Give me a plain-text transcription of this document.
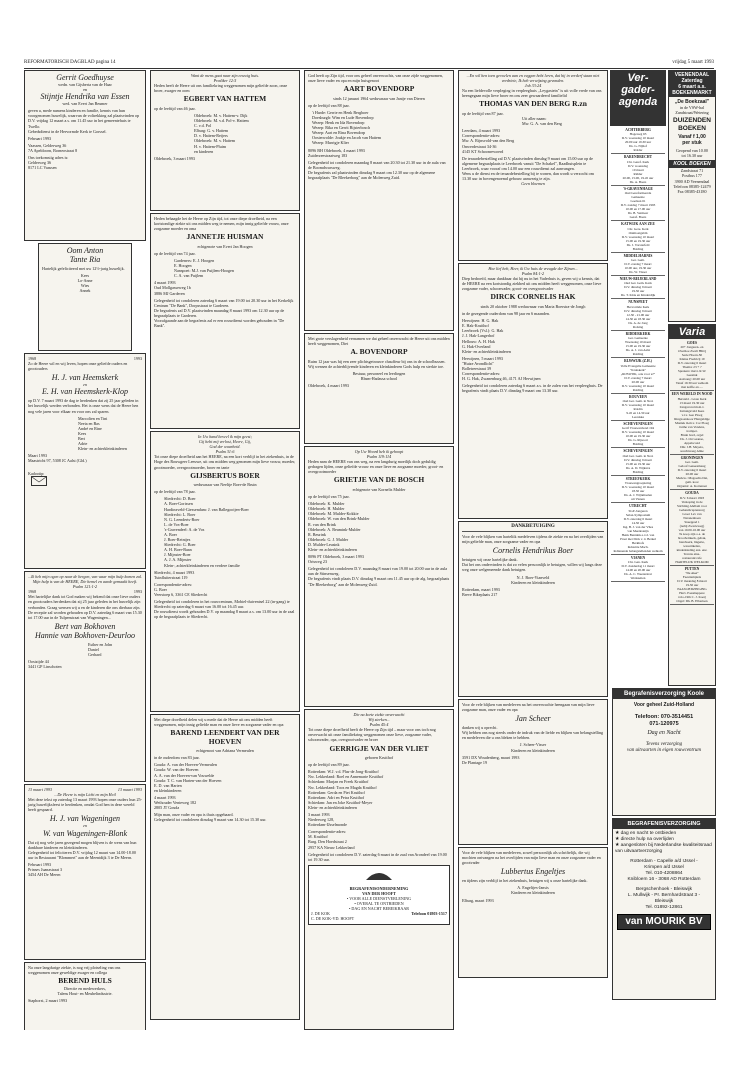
REFORMATORISCH DAGBLAD pagina 14	vrijdag 5 maart 1993
Gerrit Goedhuyse
wedn. van Gijsberta van de Haar
en
Stijntje Hendrika van Essen
wed. van Evert Jan Beumer
geven u, mede namens kinderen en familie, kennis van hun voorgenomen huwelijk, waarvan de voltrekking zal plaatsvinden op D.V. vrijdag 12 maart a.s. om 11.45 uur in het gemeentehuis te Twello.
Gebedsdienst in de Hervormde Kerk te Gorssel.
Februari 1993
Vaassen, Gelderweg 36
7A Apeldoorn, Borneostraat 8
Ons toekomstig adres is:
Gelderweg 36
8171 LC Vaassen
Oom Anton
Tante Ria
Hartelijk gefeliciteerd met uw 12½-jarig huwelijk.
Kees
Lo-Anne
Wies
Annek
1968	1993
Zo de Heere wil en wij leven, hopen onze geliefde ouders en grootouders
H. J. van Heemskerk
en
E. H. van Heemskerk-Klop
op D.V. 7 maart 1993 de dag te herdenken dat zij 25 jaar geleden in het huwelijk werden verbonden. Het is onze wens dat de Heere hen nog vele jaren voor elkaar en voor ons zal sparen.
Marcolien en Tini
Neeia en Bas
André en Rine
Kees
Bert
Adrie
Klein- en achterkleinkinderen
Maart 1993
Maastricht 97, 5308 JC Aalst (Gld.)

Kadootip:

...Ik heb mijn ogen op naar de bergen, van waar mijn hulp komen zal. Mijn hulp is van de HEERE, Die hemel en aarde gemaakt heeft.
Psalm 121:1-2
1968	1993
Met hartelijke dank tot God maken wij bekend dat onze lieve ouders en grootouders herdenken dat zij 25 jaar geleden in het huwelijk zijn verbonden. Graag wensen wij u en de kinderen die ons dierbaar zijn. De receptie zal worden gehouden op D.V. zaterdag 6 maart van 15.30 tot 17.00 uur in de Tulpenstraat van Wageningen...
Bert van Bokhoven
Hannie van Bokhoven-Deurloo
Esther en John
Daniel
Gerhard
Oostzijde 44
3441 GP Linschoten
13 maart 1993	13 maart 1993
...De Heere is mijn Licht en mijn Heil
Met deze tekst op zaterdag 13 maart 1993 hopen onze ouders hun 25-jarig huwelijksfeest te herdenken, omdat God hen in deze wereld heeft gespaard.
H. J. van Wageningen
en
W. van Wageningen-Blonk
Dat zij nog vele jaren gezegend mogen blijven is de wens van hun dankbare kinderen en kleinkinderen.
Gelegenheid tot feliciteren D.V. vrijdag 12 maart van 14.00-18.00 uur in Restaurant "Blommert" aan de Meentdijk 3 te De Meern.
Februari 1993
Prinses Juanastraat 3
3454 AH De Meern
Na onze langdurige ziekte, is nog vrij plotseling van ons weggenomen onze geweldige zwager en collega
BEREND HULS
Directie en medewerkers,
Talens Hout- en Meubelindustrie.
Staphorst, 2 maart 1993
Want de mens gaat naar zijn eeuwig huis.
Prediker 12:5
Heden heeft de Heere uit ons familiekring weggenomen mijn geliefde zoon, onze broer, zwager en oom
EGBERT VAN HATTEM
op de leeftijd van 46 jaar.
Oldebroek: M. v. Hattem-v. Dijk
Oldebroek: M. v.d. Pol-v. Hattem
C. v.d. Pol
Elburg: G. v. Hattem
D. v. Hattem-Reijers
Oldebroek: M. v. Hattem
H. v. Hattem-Pluim
en kinderen
Oldebroek, 3 maart 1993
Heden behaagde het de Heere op Zijn tijd, tot onze diepe droefheid, na een kortstondige ziekte uit ons midden weg te nemen, mijn innig geliefde vrouw, onze zorgzame moeder en oma
JANNETJE HUISMAN
echtgenote van Evert Jan Hoogen
op de leeftijd van 74 jaar.
Gardeners: E. J. Hoogen
E. Hoogen
Nanspoet: M.J. van Puijlem-Hoogen
C. A. van Puijlem
4 maart 1993
Oud Mollgasseweg 1b
3886 MJ Garderen
Gelegenheid tot condoleren zaterdag 6 maart van 19.00 tot 20.30 uur in het Kerkelijk Centrum "De Bank", Dorpsstraat te Garderen.
De begrafenis zal D.V. plaatsvinden maandag 8 maart 1993 om 12.30 uur op de begraafplaats te Garderen.
Voorafgaande aan de begrafenis zal er een rouwdienst worden gehouden in "De Bank".
In Uw hand beveel ik mijn geest;
Gij hebt mij verlost, Heere, Gij,
God der waarheid.
Psalm 31:6
Tot onze diepe droefheid aan het HEERE, na een kort verblijf in het ziekenhuis, in de Hoge des Rouwgeer Leeuwe, uit ons midden weg genomen mijn lieve vrouw, moeder, grootmoeder, overgrootmoeder, broer en tante
GIJSBERTUS BOER
weduwnaar van Neeltje Boer-de Bruin
op de leeftijd van 78 jaar.
Sliedrecht: D. Boer
A. Boer-Gorissen
Hardinxveld-Giessendam: J. van Ballegooijen-Boer
Sliedrecht: L. Boer
N. G. Leenderts-Boer
L. de Vos-Boer
's-Gravendeel: A. de Vos
A. Boer
J. Boer-Reintjes
Sliedrecht: G. Boer
A. H. Boer-Baan
J. Mijnster-Boer
A. J. A. Mijnster
Klein-, achterkleinkinderen en verdere familie
Sliedrecht, 4 maart 1993
Tuinfluiterstraat 119
Correspondentie-adres:
G. Boer
Veerstoep 6, 3361 CE Sliedrecht
Gelegenheid tot condoleren in het rouwcentrum, Mobiel-duiventsel 22 (in-gang) te Sliedrecht op zaterdag 6 maart van 16.00 tot 16.45 uur.
De rouwdienst wordt gehouden D.V. op maandag 8 maart a.s. om 13.00 uur in de zaal op de begraafplaats te Sliedrecht.
Met diepe droefheid delen wij u mede dat de Heere uit ons midden heeft weggenomen, mijn innig geliefde man en onze lieve en zorgzame vader en opa
BAREND LEENDERT VAN DER HOEVEN
echtgenoot van Adriana Vermeulen
in de ouderdom van 83 jaar.
Gouda: A. van der Hoeven-Vermeulen
Gouda: W. van der Hoeven
A. A. van der Hoeven-van Vouwelde
Gouda: T. C. van Harten-van der Hoeven
E. D. van Harten
en kleinkinderen
4 maart 1993
Wethouder Venteweg 182
2805 JT Gouda
Mijn man, onze vader en opa is thuis opgebaard.
Gelegenheid tot condoleren dinsdag 9 maart van 14.30 tot 15.30 uur.
God heeft op Zijn tijd, voor ons geheel onverwachts, van onze zijde weggenomen, onze lieve vader en opa en mijn huisgenoot
AART BOVENDORP
sinds 12 januari 1964 weduwnaar van Jantje van Dieren
op de leeftijd van 88 jaar.
't Harde: Gerrie en Henk Bergboer
Doesburgh: Wim en Lude Bovendorp
Wezep: Henk en Ida Bovendorp
Wezep: Rika en Gerrit Bijsterbosch
Wezep: Aart en Rina Bovendorp
Oosterwolde: Joukje en Jacob van Hattem
Wezep: Marrigje Klier
8096 BH Oldebroek, 4 maart 1993
Zuiderzeestraatweg 183
Gelegenheid tot condoleren maandag 8 maart van 20.30 tot 21.30 uur in de aula van de Boomdwarsweg.
De begrafenis zal plaatsvinden dinsdag 9 maart om 12.30 uur op de algemene begraafplaats "De Bleekerborg" aan de Molenweg Zuid.
Met grote verslagenheid vernamen we dat geheel onverwacht de Heere uit ons midden heeft weggenomen, Diet
A. BOVENDORP
Ruim 12 jaar was hij een zeer plichtsgetrouwe chauffeur bij ons in de schoolbussen.
Wij wensen de achterblijvende kinderen en kleinkinderen Gods hulp en sterkte toe.
Bestuur, personeel en leerlingen
Rbsm-Hadassa school
Oldebroek, 4 maart 1993
Op Uw Woord heb ik gehoopt
Psalm 119:114
Heden nam de HEERE van ons weg, na een langdurig moeilijk doch geduldig gedragen lijden, onze geliefde vrouw en onze lieve en zorgzame moeder, groot- en overgrootmoeder
GRIETJE VAN DE BOSCH
echtgenote van Kornelis Mulder
op de leeftijd van 75 jaar.
Oldebroek: K. Mulder
Oldebroek: H. Mulder
Oldebroek: M. Mulder-Kokkie
Oldebroek: W. van den Brink-Mulder
R. van den Brink
Oldebroek: A. Beumink-Mulder
R. Beurink
Oldebroek: G. J. Mulder
D. Mulder-Leusink
Klein- en achterkleinkinderen
8096 PT Oldebroek, 3 maart 1993
Orisweg 23
Gelegenheid tot condoleren D.V. maandag 8 maart van 19.00 tot 20.00 uur in de aula aan de Stinsenweg.
De begrafenis vindt plaats D.V. dinsdag 9 maart om 11.45 uur op de alg. begraafplaats "De Bleekerborg" aan de Molenweg-Zuid.
Die na korte ziekte onverwacht
Wij sterken...
Psalm 45:4
Tot onze diepe droefheid heeft de Heere op Zijn tijd – maar voor ons toch nog onverwacht uit onze familiekring weggenomen onze lieve, zorgzame vader, schoonvader, opa, overgrootvader en broer
GERRIGJE VAN DER VLIET
geboren Kruithof
op de leeftijd van 89 jaar.
Rotterdam: W.J. v.d. Plas-de Jong-Kruithof
Nw. Lekkerland: Roel en Annemarie Kruithof
Schiedam: Marjan en Freek Kruithof
Nw. Lekkerland: Toos en Magda Kruithof
Rotterdam: Gerda en Piet Kruithof
Rotterdam: Adri en Petra Kruithof
Schiedam: Jan en Joke Kruithof-Meyer
Klein- en achterkleinkinderen
3 maart 1993
Niederweg 128,
Rotterdam-IJsselmonde
Correspondentie-adres:
M. Kruithof
Burg. Den Hoedstraat 2
2957 KA Nieuw Lekkerland
Gelegenheid tot condoleren D.V. zaterdag 6 maart in de zaal van Arondeel van 19.00 tot 19.30 uur.
BEGRAFENISONDERNEMING
VAN DER HOOFT
• VOOR ALLE DIENSTVERLENING
• OVERAL TE ONTBIEDEN
• DAG EN NACHT BEREIKBAAR
J. DE KOK
C. DE KOK-VD. HOOFT
Telefoon 01803-1517
...En wil hen toen gevoelen aan en veggen hebt leren, dat hij in verderf staan niet verdriete, Ik heb verwijzing gevonden.
Job 33:24
Na een liefdevolle verpleging in verpleeghuis ,,Leygastein" is uit volle vrede van ons heengegaan mijn lieve broer en ons zeer gewaardeerd familielid
THOMAS VAN DEN BERG R.zn
op de leeftijd van 87 jaar.
Uit aller naam:
Mw. G. A. van den Berg
Leerdam, 4 maart 1993
Correspondentie-adres:
Mw. A. Rijnsvold-van den Berg
Onwerdestraat 34-36
4145 KT Schoonrewoerd
De teraardebestelling zal D.V. plaatsvinden dinsdag 9 maart om 15.00 uur op de algemene begraafplaats te Leerbroek vanuit "De Schakel", Raadhuisplein te Leerbroek, waar vooraf om 14.00 uur een rouwdienst zal aanvangen.
Wens u de dienst en de teraardebestelling bij te wonen, dan wordt u verzocht om 13.30 uur in bovengenoemd gebouw aanwezig te zijn.
Geen bloemen
Hoe lief heb, Heer, ik Uw huis de vreugde der Zijnen...
Psalm 84:1-2
Diep bedroefd, maar dankbaar dat hij nu in het Vaderhuis is, geven wij u kennis, dat de HEERE na een kortstondig ziekbed uit ons midden heeft weggenomen, onze lieve zorgzame vader, schoonvader, groot- en overgrootvader
DIRCK CORNELIS HAK
sinds 20 oktober 1988 weduwnaar van Maria Boerstra-de Jongh
in de gezegende ouderdom van 98 jaar en 6 maanden.
Herwijnen: H. G. Hak
E. Hak-Kruithof
Leerbroek (Vsl.): G. Hak
J. J. Hak-Langerhof
Hellouw: A. H. Hak
G. Hak-Overland
Klein- en achterkleinkinderen
Herwijnen, 5 maart 1993
"Huize Avondlicht"
Bolletreestraat 39
Correspondentie-adres:
H. G. Hak, Zwanenburg 46, 4171 AJ Herwijnen
Gelegenheid tot condoleren zaterdag 6 maart a.s. in de zalen van het verpleeghuis. De begrafenis vindt plaats D.V. dinsdag 9 maart om 13.30 uur.
DANKBETUIGING
Voor de vele blijken van harteliik medeleven tijdens de ziekte en na het overlijden van mijn geliefde man, onze zorgzame vader en opa
Cornelis Hendrikus Boer
betuigen wij onze hartelijke dank.
Dat het ons ondervinden is dat zo velen persoonlijk te betuigen, willen wij langs deze weg onze welgemeende dank betuigen.
N. J. Boer-Vianveld
Kinderen en kleinkinderen
Rotterdam, maart 1993
Breve Bikeplaats 217
Voor de vele blijken van medeleven na het onverwachte heengaan van mijn lieve zorgzame man, onze vader en opa
Jan Scheer
danken wij u oprecht.
Wij hebben ons nog steeds onder de indruk van de liefde en blijken van belangstelling en medeleven die u ons bleken te hebben.
J. Scheer-Visser
Kinderen en kleinkinderen
3591 DX Woudenberg, maart 1993
De Plantage 19
Voor de vele blijken van medeleven, zowel persoonlijk als schriftelijk, die wij mochten ontvangen na het overlijden van mijn lieve man en onze zorgzame vader en grootvader
Lubbertus Engeltjes
en tijdens zijn verblijf in het ziekenhuis, betuigen wij u onze hartelijke dank.
A. Engeltjes-Jansis
Kinderen en kleinkinderen
Elburg, maart 1993
Ver-
gader-
agenda
ACHTERBERG
Hogeweg 63
D.V. woensdag 10 maart
20.00 uur 19.30 uur
Ds. G. Nijhof
Roldar
BARENDRECHT
Chr. Geref. Kerk
D.V. woensdag
10 maart
Ridder
20.00, 15.00, 19.45 uur
Ds. A. Baars
'S-GRAVENHAGE
Oud Gereformeerde
Gemeente
Goelaan 61
D.V. zondag 7 maart 1993
10.00 en 17.00 uur
Ds. B. Vermeer
Geref. Baars
KATWIJK AAN ZEE
Chr. Gere. Kerk
Ontmoetgebm
D.V. woensdag 10 maart
15.00 en 19.30 uur
Ds. J. Vorsterfeld
Bolding
MIDDELHARNIS
Ger. Gem.
D.V. zondag 7 maart
10.00 uur, 19.30 uur
Ds. W. Visser
NIEUW-BEIJERLAND
Oud Ger. Gem. Kerk
D.V. dinsdag 9 maart
19.30 uur
Ds. T. Klok en Kinderdijk
NUNSPEET
Hervormde Kerk
D.V. dinsdag 9 maart
12.30 - 21.00 uur
14.30 en 18.30 uur
Ds. A. de Jong
Rolsing
RIDDERKERK
Ger. Gemeente
Woensdag 10 maart
15.00 en 19.30 uur
Ds. A. J. van Aalst
Rolding
RIJSWIJK (Z.H.)
Volle Evangelie Gemeente
"Kruiskerk"
„RIJSWIJK, ook voor u?"
D.V. zondag 7 maart
20.00 uur
D.V. woensdag 10 maart
Rolding
ROUVEEN
Oud Ger. Gem. in Ned.
D.V. woensdag 10 maart
Roidin
9.45 en 14.30 uur
Leoniske
SCHEVENINGEN
Gerif Vrouwenbond 194
D.V. woensdag 10 maart
10.00 en 19.30 uur
Ds. G. Rijsoort
Bolding
SCHEVENINGEN
Oud Ger. Gem. in Ned.
D.V. dinsdag 9 maart
15.00 en 19.30 uur
Ds. A. D. Wijkstra
Bolding
STREEFKERK
Vrouwengroepkring
D.V. woensdag 10 maart
18.30 uur
Ds. A. J. Wijnmaalen
uit Vianen
UTRECHT
SGP-Jongeren
Salon-Symposium
D.V. zaterdag 6 maart
14.30 uur
Ing. B. J. van der Vlies
van Meentsteijn
Henk Bennink e.v.d. van
Praat met Dick v. d. Berkel
Berkhofs
Industrie Mach.
Indienende belangstellenden welkom
VIANEN
Chr. Gen. Kerk
D.V. donderdag 11 maart
14.00 en 20.00 uur
Ds. A. C. Weeterstrat
Werkzetten
VEENENDAAL
Zaterdag
6 maart a.s.
BOEKENMARKT
„De Boekzaal"
in de VSW-hal
Zandstraat/Wetering
DUIZENDEN
BOEKEN
Vanaf f 1,00
per stuk
Geopend van 10.00
tot 16.30 uur
KOOL BOEKEN
Zandstraat 71
Postbus 177
3900 AD Veenendaal
Telefoon 08385-12479
Fax 08385-43180
Varia
GOES
20+ Jongeren- en
Overhoe Zwelt HKQ
Serie Hoorn-Nl
Kleine Fredricij 19
D.V. zaterdag 6 maart
Thema: 23 + ?
Sprekers: mevr. R.W.
Geesink
Aanvang: 20.00 uur
Vanaf 19.30 uur welkom
met koffie en ....
EEN WERELD IN NOOD
Hersteld - Grote Kerk
13 maart 19.30 uur
Zangavond m.m.v.
Zeitungsvald Kees
v.i.v. Gee Ploeg
Ringzoetskoor Hiergeldige
Muziek m.m.v. Cor Ploeg
Jarihe van Vondeta,
trompet.
Bruin bord, orgel
Ds. J. Ovcoaanse,
Appelscond
Dhr. J.H. Mayeta,
souchtwaag Aline
GRONINGEN
Ger. Gem.
Geloof Geneesmeug
D.V. zaterdag 6 maart
20.00 uur
Medew.: Magoedia Dei,
gem. koor
Organist: A. Kortenaar
GOUDA
D.V. 6 maart 1993
Verkoping in de
Stichting Ahdlam voor
Gehandicaptenzorg
Groot Lev van
Naranenhoen
Sneeppad 1
(nabij Zwarteweg)
van 10.00-16.00 uur
Te koop zijn o.a. de
broodwinkels, gebak,
handwerk, lingerie,
wasartikelen,
kinderkleding enz. enz.
Tevens eine-
restaurant/cafe
HARTELIJK WELKOM
PUTTEN
"De Aker"
Feesttempleis
D.V. maandag 8 maart
19.30 uur
PAASLIEDZINGING
Herv. Paasmeppere
volo-19th C. J. Koerj
Orgel: Dh. B. Elbertsen
Begrafenisverzorging Koole
Voor geheel Zuid-Holland
Telefoon: 070-3514451
071-120975
Dag en Nacht
Tevens verzorging
van uitvaarten in eigen rouwcentrum
BEGRAFENISVERZORGING
★ dag en nacht te ontbieden
★ directe hulp na overlijden
★ aangesloten bij Nederlandse kwaliteitsraad van uitvaartverzorging
Rotterdam - Capelle a/d IJssel -
Krimpen a/d IJssel
Tel. 010-4208864
Knibloem 16 - 3068 AD Rotterdam
Bergschenhoek - Bleiswijk
L. Mullwijk - Pr. Bernhardstraat 3 -
Bleiswijk
Tel. 01892-12861
van MOURIK BV
